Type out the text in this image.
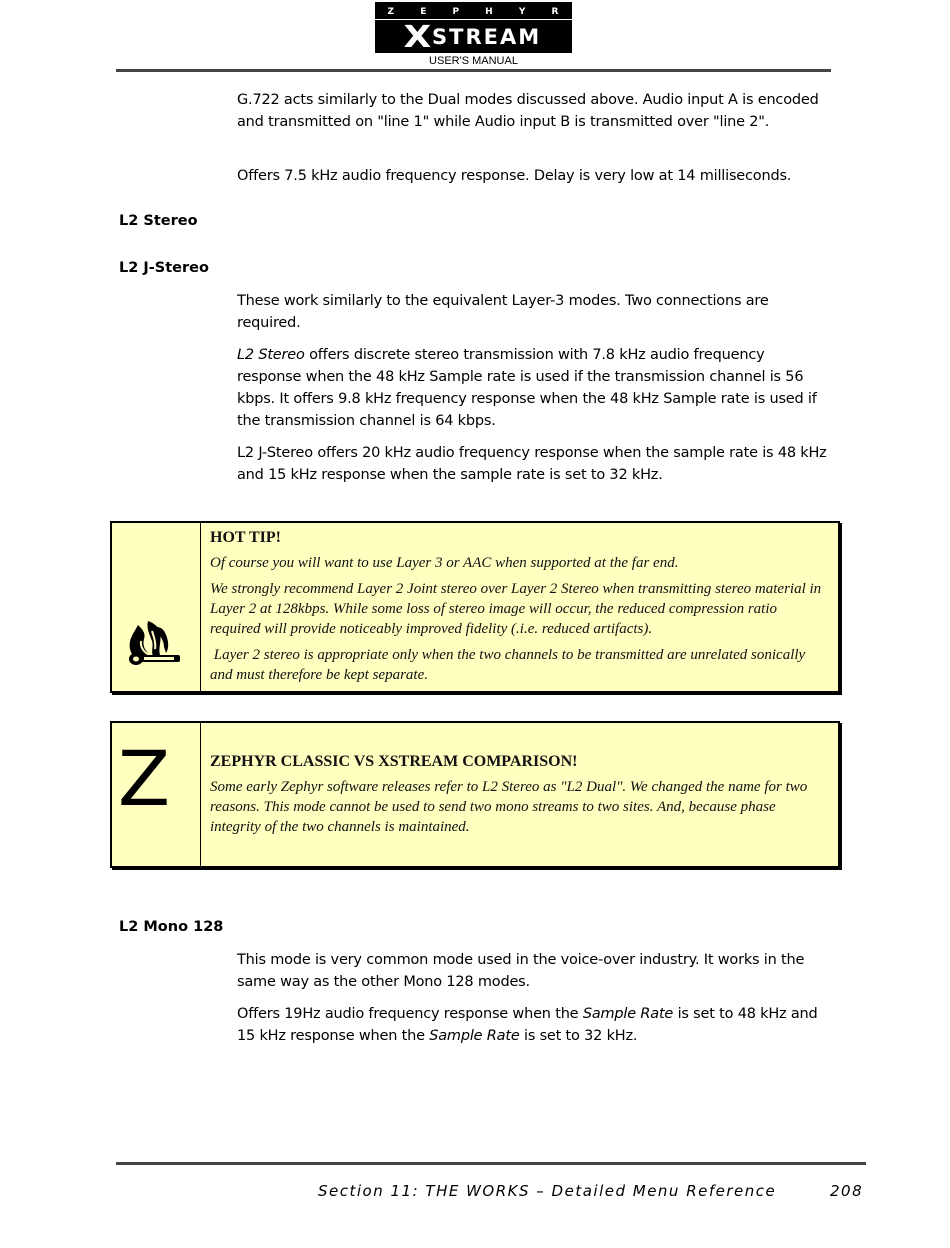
Z	E	P	H	Y	R
X
STREAM
USER'S MANUAL
G.722 acts similarly to the Dual modes discussed above. Audio input A is encoded and transmitted on "line 1" while Audio input B is transmitted over "line 2".
Offers 7.5 kHz audio frequency response. Delay is very low at 14 milliseconds.
L2 Stereo
L2 J-Stereo
These work similarly to the equivalent Layer-3 modes. Two connections are required.
L2 Stereo offers discrete stereo transmission with 7.8 kHz audio frequency response when the 48 kHz Sample rate is used if the transmission channel is 56 kbps. It offers 9.8 kHz frequency response when the 48 kHz Sample rate is used if the transmission channel is 64 kbps.
L2 J-Stereo offers 20 kHz audio frequency response when the sample rate is 48 kHz and 15 kHz response when the sample rate is set to 32 kHz.
HOT TIP!
Of course you will want to use Layer 3 or AAC when supported at the far end.
We strongly recommend Layer 2 Joint stereo over Layer 2 Stereo when transmitting stereo material in Layer 2 at 128kbps. While some loss of stereo image will occur, the reduced compression ratio required will provide noticeably improved fidelity (.i.e. reduced artifacts).
Layer 2 stereo is appropriate only when the two channels to be transmitted are unrelated sonically and must therefore be kept separate.
Z ZEPHYR CLASSIC VS XSTREAM COMPARISON!
Some early Zephyr software releases refer to L2 Stereo as "L2 Dual". We changed the name for two reasons. This mode cannot be used to send two mono streams to two sites. And, because phase integrity of the two channels is maintained.
L2 Mono 128
This mode is very common mode used in the voice-over industry. It works in the same way as the other Mono 128 modes.
Offers 19Hz audio frequency response when the Sample Rate is set to 48 kHz and 15 kHz response when the Sample Rate is set to 32 kHz.
Section 11: THE WORKS – Detailed Menu Reference	208
